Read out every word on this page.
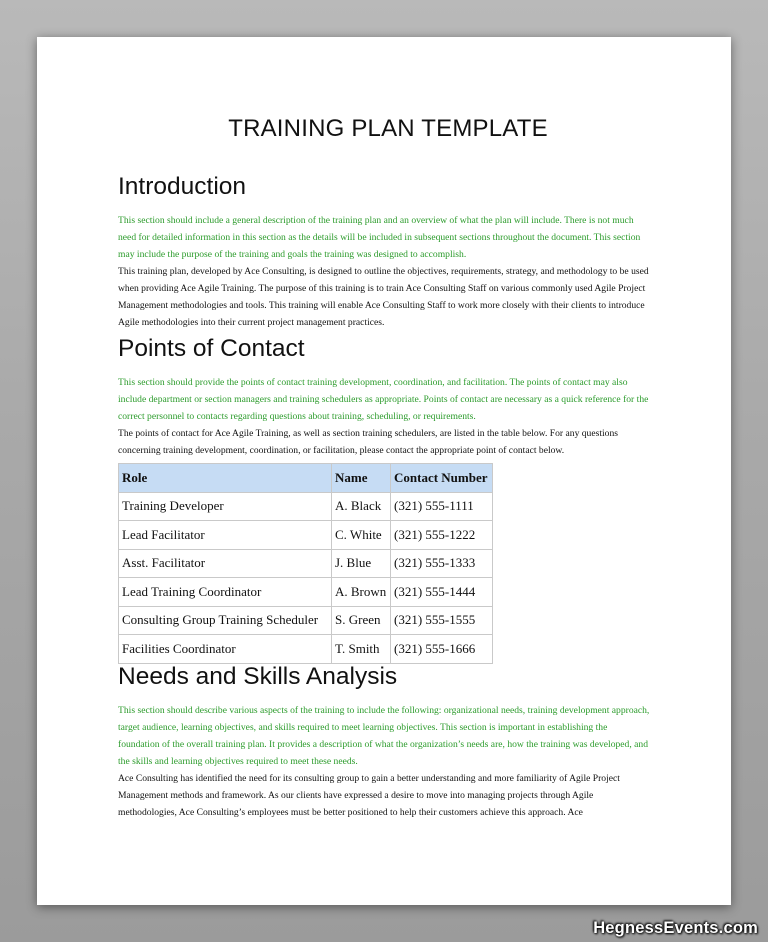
TRAINING PLAN TEMPLATE
Introduction

This section should include a general description of the training plan and an overview of what the plan will include. There is not much need for detailed information in this section as the details will be included in subsequent sections throughout the document. This section may include the purpose of the training and goals the training was designed to accomplish.

This training plan, developed by Ace Consulting, is designed to outline the objectives, requirements, strategy, and methodology to be used when providing Ace Agile Training. The purpose of this training is to train Ace Consulting Staff on various commonly used Agile Project Management methodologies and tools. This training will enable Ace Consulting Staff to work more closely with their clients to introduce Agile methodologies into their current project management practices.

Points of Contact

This section should provide the points of contact training development, coordination, and facilitation. The points of contact may also include department or section managers and training schedulers as appropriate. Points of contact are necessary as a quick reference for the correct personnel to contacts regarding questions about training, scheduling, or requirements.

The points of contact for Ace Agile Training, as well as section training schedulers, are listed in the table below. For any questions concerning training development, coordination, or facilitation, please contact the appropriate point of contact below.

Role	Name	Contact Number
Training Developer	A. Black	(321) 555-1111
Lead Facilitator	C. White	(321) 555-1222
Asst. Facilitator	J. Blue	(321) 555-1333
Lead Training Coordinator	A. Brown	(321) 555-1444
Consulting Group Training Scheduler	S. Green	(321) 555-1555
Facilities Coordinator	T. Smith	(321) 555-1666
Needs and Skills Analysis

This section should describe various aspects of the training to include the following: organizational needs, training development approach, target audience, learning objectives, and skills required to meet learning objectives. This section is important in establishing the foundation of the overall training plan. It provides a description of what the organization’s needs are, how the training was developed, and the skills and learning objectives required to meet these needs.

Ace Consulting has identified the need for its consulting group to gain a better understanding and more familiarity of Agile Project Management methods and framework. As our clients have expressed a desire to move into managing projects through Agile methodologies, Ace Consulting’s employees must be better positioned to help their customers achieve this approach. Ace

HegnessEvents.com
